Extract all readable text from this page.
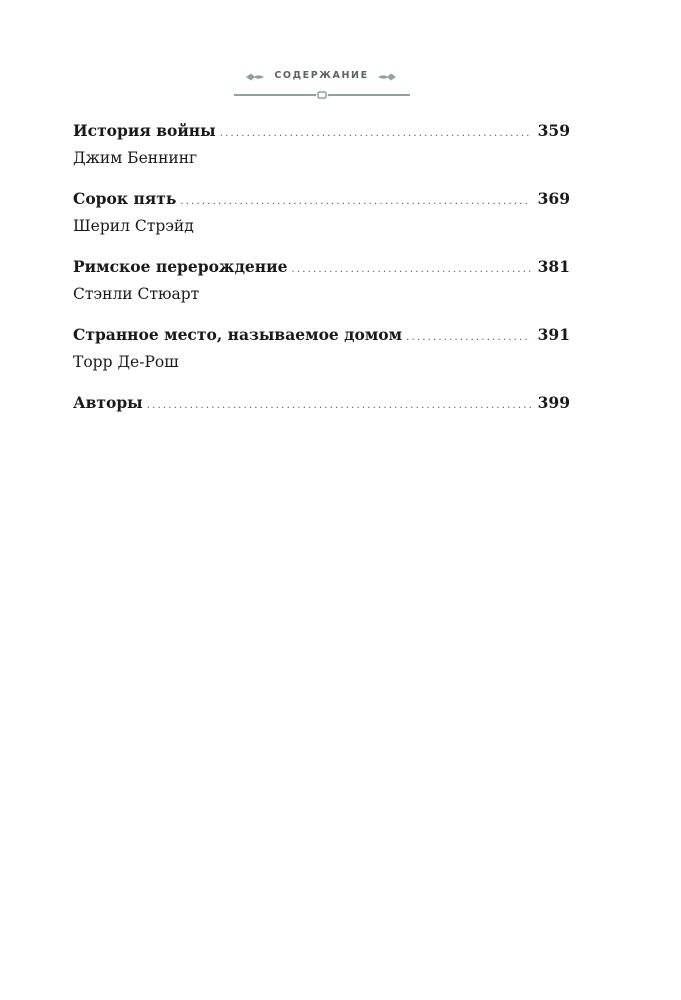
СОДЕРЖАНИЕ
История войны .....	359
Джим Беннинг
Сорок пять .....	369
Шерил Стрэйд
Римское перерождение .....	381
Стэнли Стюарт
Странное место, называемое домом .....	391
Торр Де-Рош
Авторы .....	399
